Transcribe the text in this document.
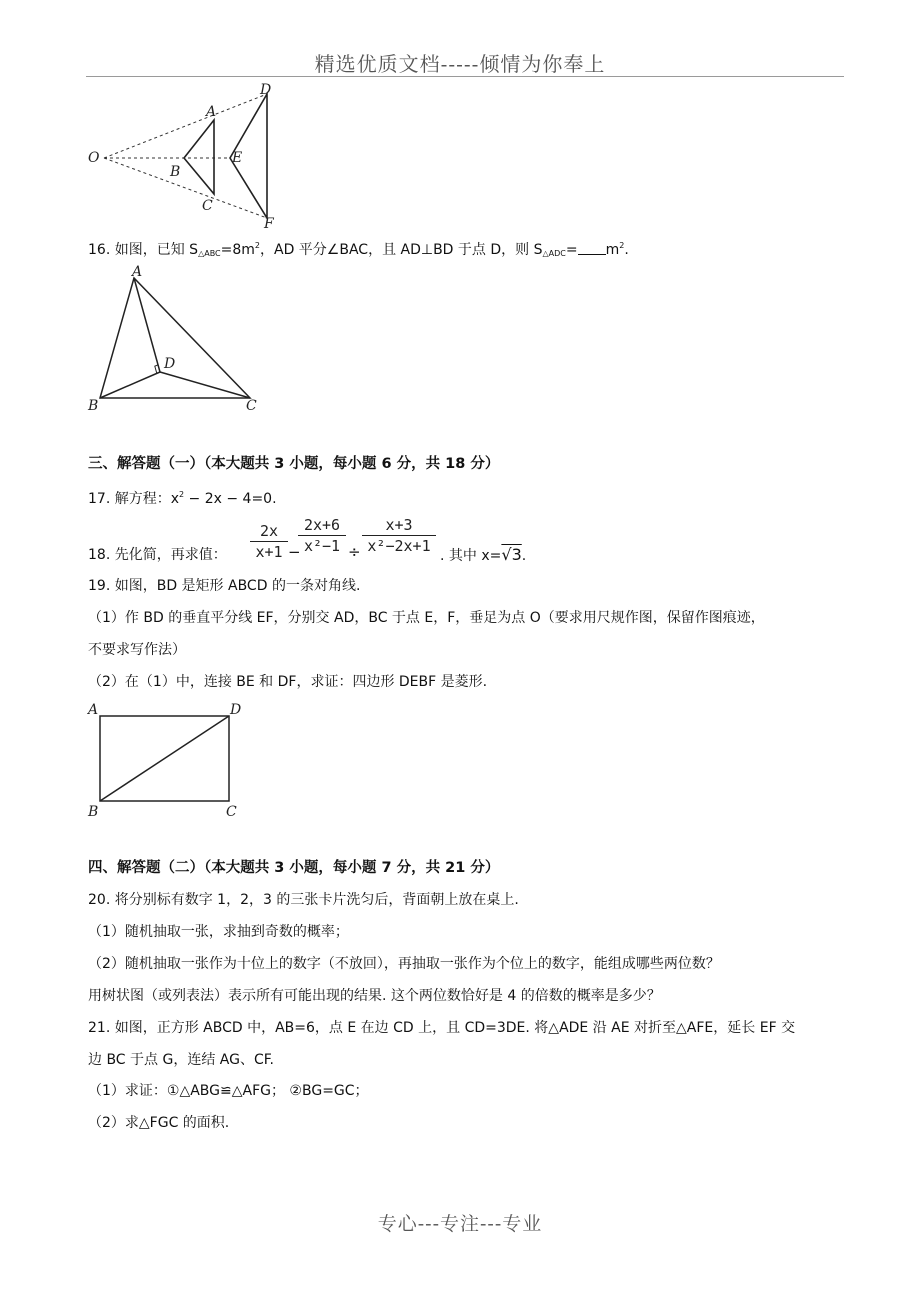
精选优质文档-----倾情为你奉上
O
A
B
C
D
E
F
16. 如图，已知 $S_{\triangle ABC}=8m^2$，AD 平分∠BAC，且 AD⊥BD 于点 D，则 $S_{\triangle ADC}= m^2$.
A
B	C
D
三、解答题（一）（本大题共 3 小题，每小题 6 分，共 18 分）
17. 解方程：$x^2 - 2x - 4=0$.
18. 先化简，再求值：
2x
x+1 −
2x+6
x²−1 ÷
x+3
x²−2x+1
. 其中 x=√3.
19. 如图，BD 是矩形 ABCD 的一条对角线.
（1）作 BD 的垂直平分线 EF，分别交 AD，BC 于点 E，F，垂足为点 O（要求用尺规作图，保留作图痕迹，
不要求写作法）
（2）在（1）中，连接 BE 和 DF，求证：四边形 DEBF 是菱形.
A	D
B	C
四、解答题（二）（本大题共 3 小题，每小题 7 分，共 21 分）
20. 将分别标有数字 1，2，3 的三张卡片洗匀后，背面朝上放在桌上.
（1）随机抽取一张，求抽到奇数的概率；
（2）随机抽取一张作为十位上的数字（不放回），再抽取一张作为个位上的数字，能组成哪些两位数？
用树状图（或列表法）表示所有可能出现的结果. 这个两位数恰好是 4 的倍数的概率是多少？
21. 如图，正方形 ABCD 中，AB=6，点 E 在边 CD 上，且 CD=3DE. 将△ADE 沿 AE 对折至△AFE，延长 EF 交
边 BC 于点 G，连结 AG、CF.
（1）求证：①△ABG≌△AFG； ②BG=GC；
（2）求△FGC 的面积.
专心---专注---专业
